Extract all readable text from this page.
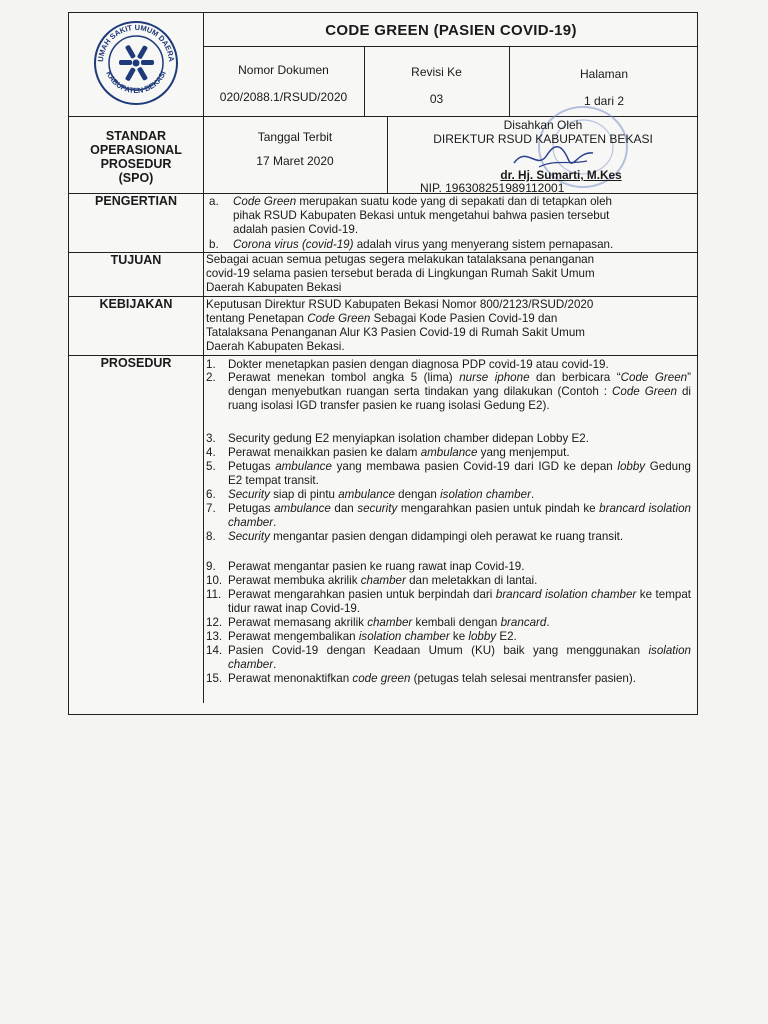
UMAH SAKIT UMUM DAERA
KABUPATEN BEKASI
CODE GREEN (PASIEN COVID-19)
Nomor Dokumen
020/2088.1/RSUD/2020
Revisi Ke
03
Halaman
1 dari 2
STANDAR
OPERASIONAL
PROSEDUR
(SPO)
Tanggal Terbit
17 Maret 2020
Disahkan Oleh
DIREKTUR RSUD KABUPATEN BEKASI
dr. Hj. Sumarti, M.Kes
NIP. 196308251989112001
PENGERTIAN	a. Code Green merupakan suatu kode yang di sepakati dan di tetapkan oleh
pihak RSUD Kabupaten Bekasi untuk mengetahui bahwa pasien tersebut
adalah pasien Covid-19.
b. Corona virus (covid-19) adalah virus yang menyerang sistem pernapasan.
TUJUAN	Sebagai acuan semua petugas segera melakukan tatalaksana penanganan
covid-19 selama pasien tersebut berada di Lingkungan Rumah Sakit Umum
Daerah Kabupaten Bekasi
KEBIJAKAN	Keputusan Direktur RSUD Kabupaten Bekasi Nomor 800/2123/RSUD/2020
tentang Penetapan Code Green Sebagai Kode Pasien Covid-19 dan
Tatalaksana Penanganan Alur K3 Pasien Covid-19 di Rumah Sakit Umum
Daerah Kabupaten Bekasi.
PROSEDUR	1. Dokter menetapkan pasien dengan diagnosa PDP covid-19 atau covid-19.
2. Perawat menekan tombol angka 5 (lima) nurse iphone dan berbicara “Code Green” dengan menyebutkan ruangan serta tindakan yang dilakukan (Contoh : Code Green di ruang isolasi IGD transfer pasien ke ruang isolasi Gedung E2).
3. Security gedung E2 menyiapkan isolation chamber didepan Lobby E2.
4. Perawat menaikkan pasien ke dalam ambulance yang menjemput.
5. Petugas ambulance yang membawa pasien Covid-19 dari IGD ke depan lobby Gedung E2 tempat transit.
6. Security siap di pintu ambulance dengan isolation chamber.
7. Petugas ambulance dan security mengarahkan pasien untuk pindah ke brancard isolation chamber.
8. Security mengantar pasien dengan didampingi oleh perawat ke ruang transit.
9. Perawat mengantar pasien ke ruang rawat inap Covid-19.
10. Perawat membuka akrilik chamber dan meletakkan di lantai.
11. Perawat mengarahkan pasien untuk berpindah dari brancard isolation chamber ke tempat tidur rawat inap Covid-19.
12. Perawat memasang akrilik chamber kembali dengan brancard.
13. Perawat mengembalikan isolation chamber ke lobby E2.
14. Pasien Covid-19 dengan Keadaan Umum (KU) baik yang menggunakan isolation chamber.
15. Perawat menonaktifkan code green (petugas telah selesai mentransfer pasien).
